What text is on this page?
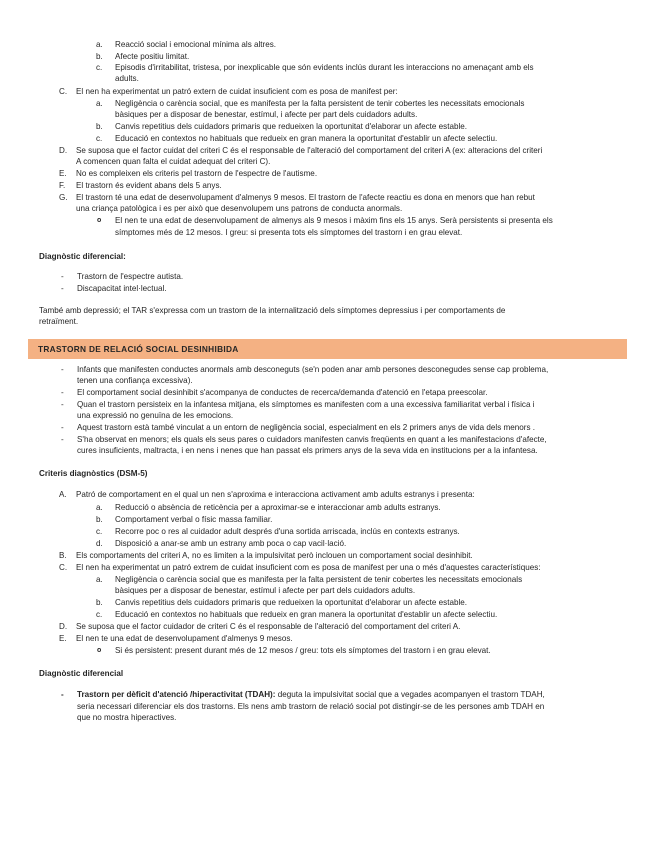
a. Reacció social i emocional mínima als altres.
b. Afecte positiu limitat.
c. Episodis d'irritabilitat, tristesa, por inexplicable que són evidents inclús durant les interaccions no amenaçant amb els
adults.
C. El nen ha experimentat un patró extern de cuidat insuficient com es posa de manifest per:
a. Negligència o carència social, que es manifesta per la falta persistent de tenir cobertes les necessitats emocionals
bàsiques per a disposar de benestar, estímul, i afecte per part dels cuidadors adults.
b. Canvis repetitius dels cuidadors primaris que redueixen la oportunitat d'elaborar un afecte estable.
c. Educació en contextos no habituals que redueix en gran manera la oportunitat d'establir un afecte selectiu.
D. Se suposa que el factor cuidat del criteri C és el responsable de l'alteració del comportament del criteri A (ex: alteracions del criteri
A comencen quan falta el cuidat adequat del criteri C).
E. No es compleixen els criteris pel trastorn de l'espectre de l'autisme.
F. El trastorn és evident abans dels 5 anys.
G. El trastorn té una edat de desenvolupament d'almenys 9 mesos. El trastorn de l'afecte reactiu es dona en menors que han rebut
una criança patològica i es per això que desenvolupem uns patrons de conducta anormals.
o El nen te una edat de desenvolupament de almenys als 9 mesos i màxim fins els 15 anys. Serà persistents si presenta els
símptomes més de 12 mesos. I greu: si presenta tots els símptomes del trastorn i en grau elevat.
Diagnòstic diferencial:
- Trastorn de l'espectre autista.
- Discapacitat intel·lectual.
També amb depressió; el TAR s'expressa com un trastorn de la internalització dels símptomes depressius i per comportaments de
retraïment.
TRASTORN DE RELACIÓ SOCIAL DESINHIBIDA
- Infants que manifesten conductes anormals amb desconeguts (se'n poden anar amb persones desconegudes sense cap problema,
tenen una confiança excessiva).
- El comportament social desinhibit s'acompanya de conductes de recerca/demanda d'atenció en l'etapa preescolar.
- Quan el trastorn persisteix en la infantesa mitjana, els símptomes es manifesten com a una excessiva familiaritat verbal i física i
una expressió no genuïna de les emocions.
- Aquest trastorn està també vinculat a un entorn de negligència social, especialment en els 2 primers anys de vida dels menors .
- S'ha observat en menors; els quals els seus pares o cuidadors manifesten canvis freqüents en quant a les manifestacions d'afecte,
cures insuficients, maltracta, i en nens i nenes que han passat els primers anys de la seva vida en institucions per a la infantesa.
Criteris diagnòstics (DSM-5)
A. Patró de comportament en el qual un nen s'aproxima e interacciona activament amb adults estranys i presenta:
a. Reducció o absència de reticència per a aproximar-se e interaccionar amb adults estranys.
b. Comportament verbal o físic massa familiar.
c. Recorre poc o res al cuidador adult després d'una sortida arriscada, inclús en contexts estranys.
d. Disposició a anar-se amb un estrany amb poca o cap vacil·lació.
B. Els comportaments del criteri A, no es limiten a la impulsivitat però inclouen un comportament social desinhibit.
C. El nen ha experimentat un patró extrem de cuidat insuficient com es posa de manifest per una o més d'aquestes característiques:
a. Negligència o carència social que es manifesta per la falta persistent de tenir cobertes les necessitats emocionals
bàsiques per a disposar de benestar, estímul i afecte per part dels cuidadors adults.
b. Canvis repetitius dels cuidadors primaris que redueixen la oportunitat d'elaborar un afecte estable.
c. Educació en contextos no habituals que redueix en gran manera la oportunitat d'establir un afecte selectiu.
D. Se suposa que el factor cuidador de criteri C és el responsable de l'alteració del comportament del criteri A.
E. El nen te una edat de desenvolupament d'almenys 9 mesos.
o Si és persistent: present durant més de 12 mesos / greu: tots els símptomes del trastorn i en grau elevat.
Diagnòstic diferencial
- Trastorn per dèficit d'atenció /hiperactivitat (TDAH): deguta la impulsivitat social que a vegades acompanyen el trastorn TDAH,
seria necessari diferenciar els dos trastorns. Els nens amb trastorn de relació social pot distingir-se de les persones amb TDAH en
que no mostra hiperactives.
